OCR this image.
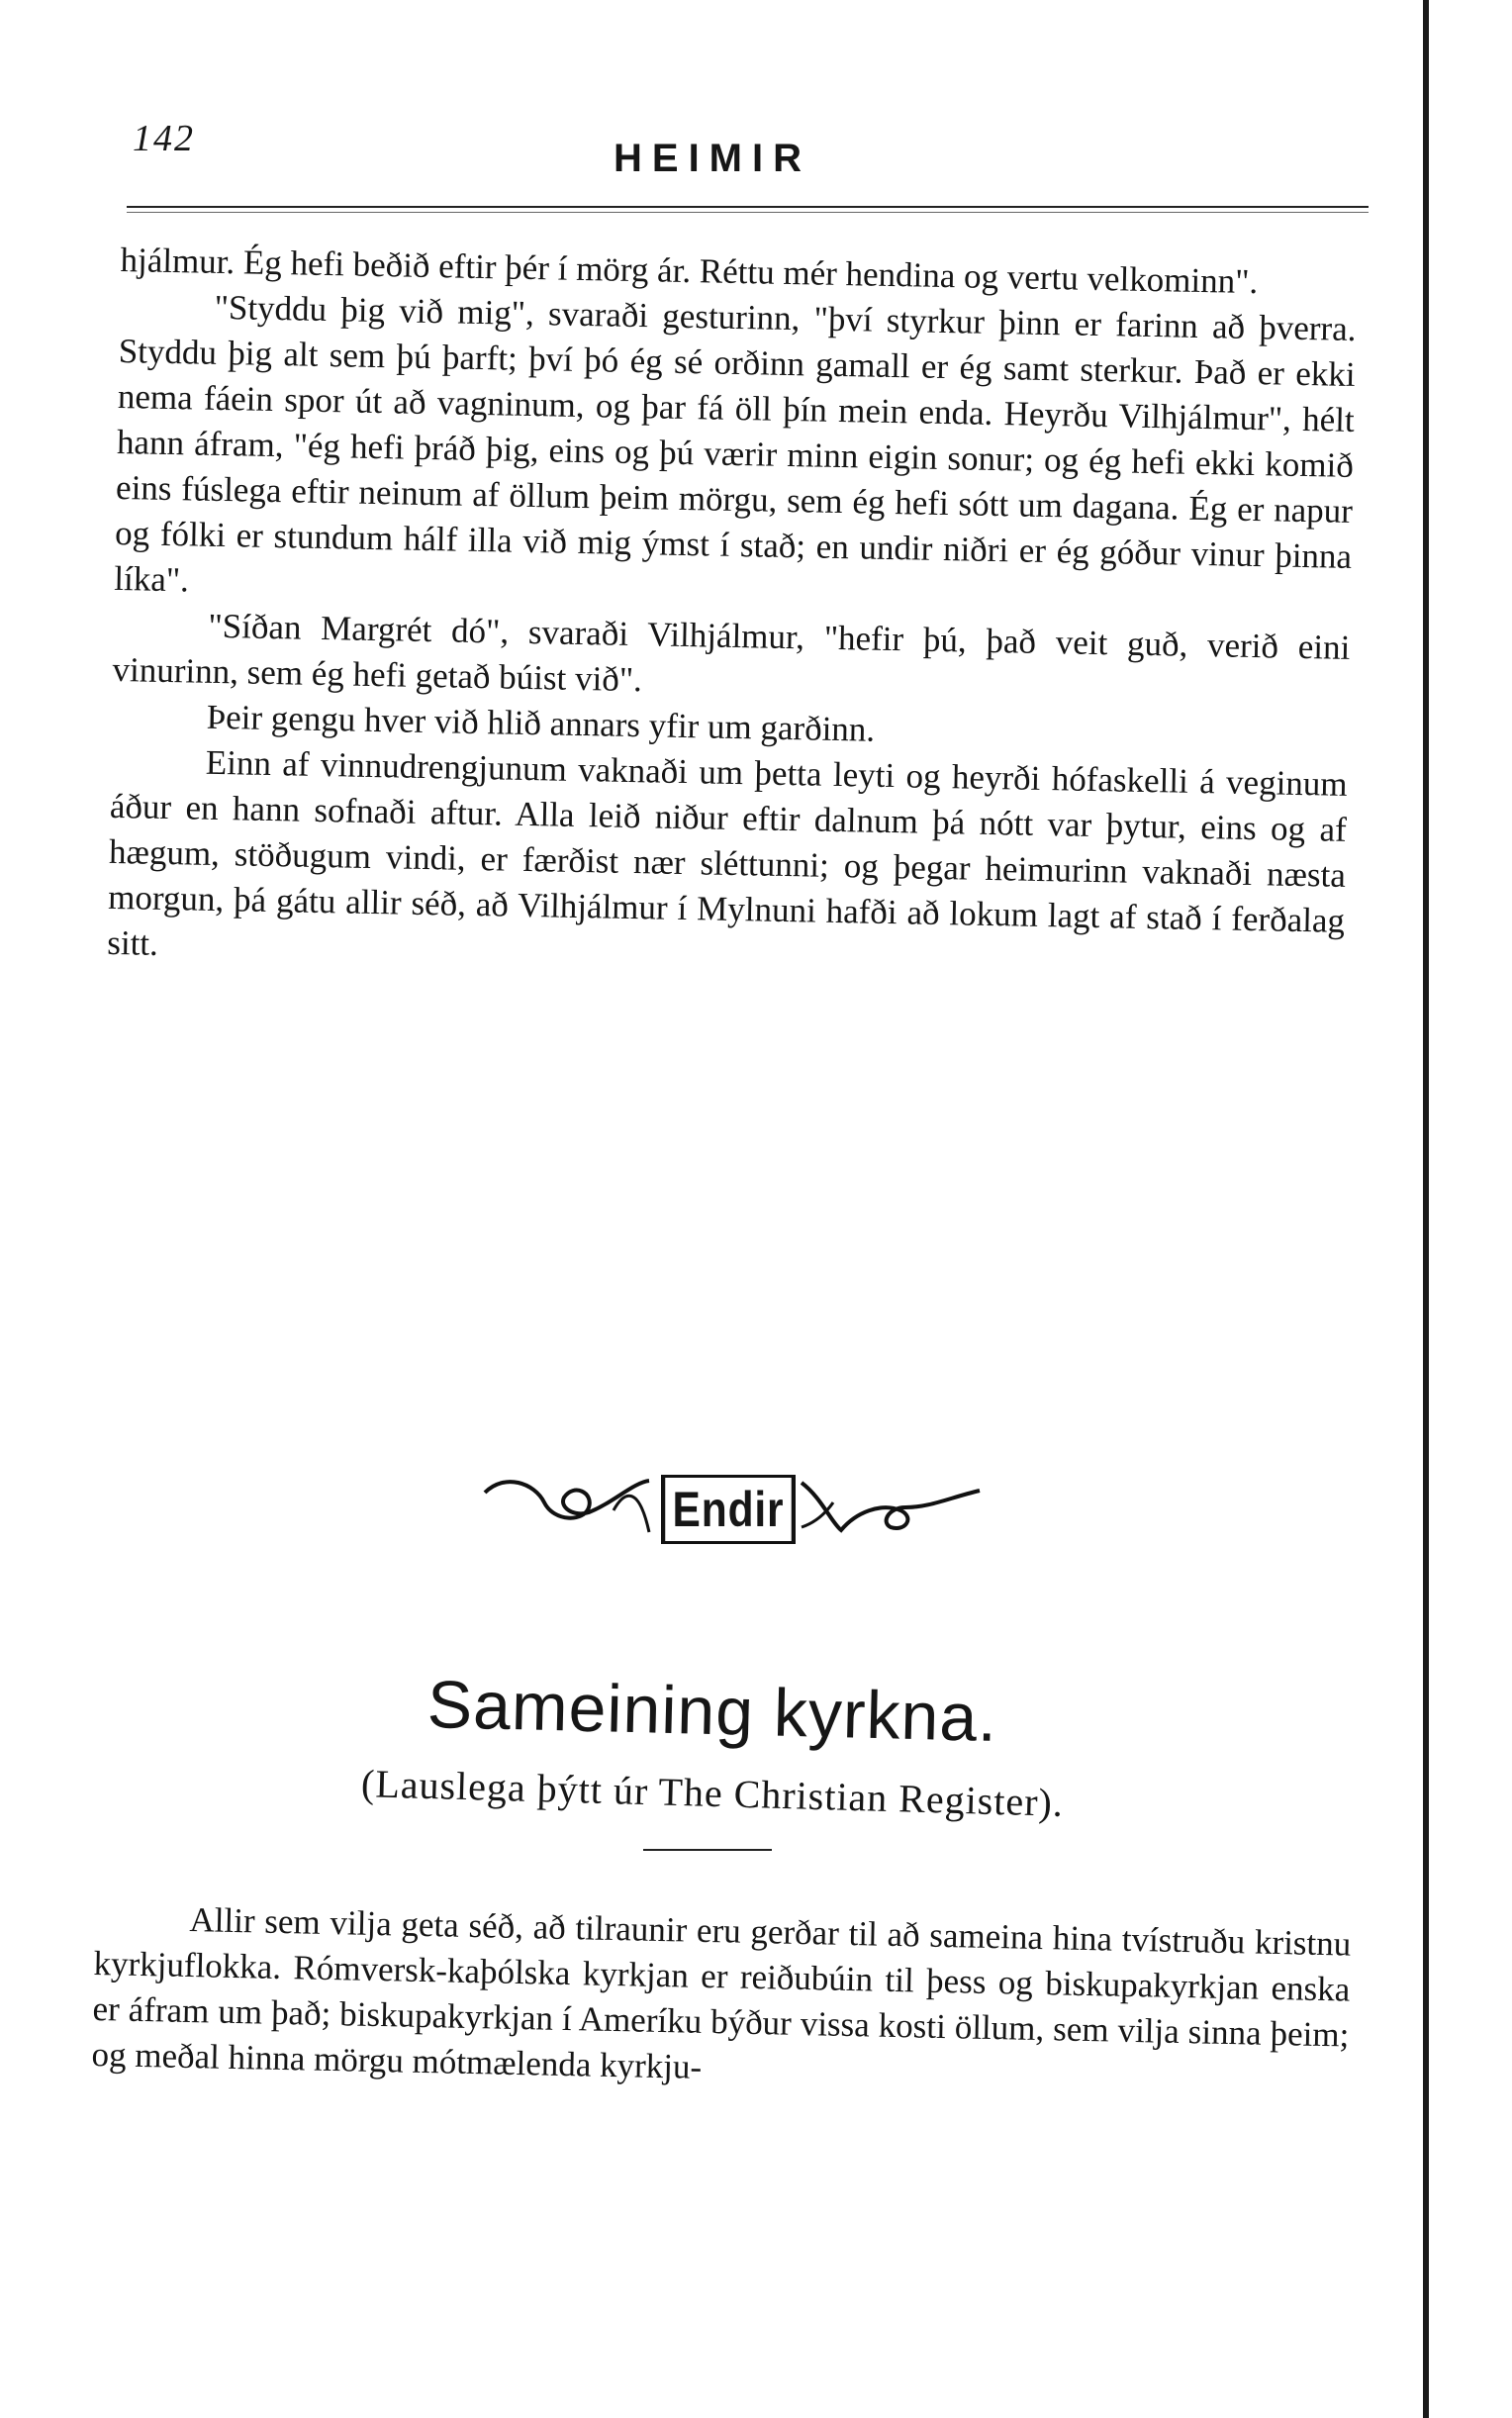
142	HEIMIR

hjálmur. Ég hefi beðið eftir þér í mörg ár. Réttu mér hendina og vertu velkominn".

"Styddu þig við mig", svaraði gesturinn, "því styrkur þinn er farinn að þverra. Styddu þig alt sem þú þarft; því þó ég sé orðinn gamall er ég samt sterkur. Það er ekki nema fáein spor út að vagninum, og þar fá öll þín mein enda. Heyrðu Vilhjálmur", hélt hann áfram, "ég hefi þráð þig, eins og þú værir minn eigin sonur; og ég hefi ekki komið eins fúslega eftir neinum af öllum þeim mörgu, sem ég hefi sótt um dagana. Ég er napur og fólki er stundum hálf illa við mig ýmst í stað; en undir niðri er ég góður vinur þinna líka".

"Síðan Margrét dó", svaraði Vilhjálmur, "hefir þú, það veit guð, verið eini vinurinn, sem ég hefi getað búist við".

Þeir gengu hver við hlið annars yfir um garðinn.

Einn af vinnudrengjunum vaknaði um þetta leyti og heyrði hófaskelli á veginum áður en hann sofnaði aftur. Alla leið niður eftir dalnum þá nótt var þytur, eins og af hægum, stöðugum vindi, er færðist nær sléttunni; og þegar heimurinn vaknaði næsta morgun, þá gátu allir séð, að Vilhjálmur í Mylnuni hafði að lokum lagt af stað í ferðalag sitt.

Endir
Sameining kyrkna.
(Lauslega þýtt úr The Christian Register).

Allir sem vilja geta séð, að tilraunir eru gerðar til að sameina hina tvístruðu kristnu kyrkjuflokka. Rómversk-kaþólska kyrkjan er reiðubúin til þess og biskupakyrkjan enska er áfram um það; biskupakyrkjan í Ameríku býður vissa kosti öllum, sem vilja sinna þeim; og meðal hinna mörgu mótmælenda kyrkju-
